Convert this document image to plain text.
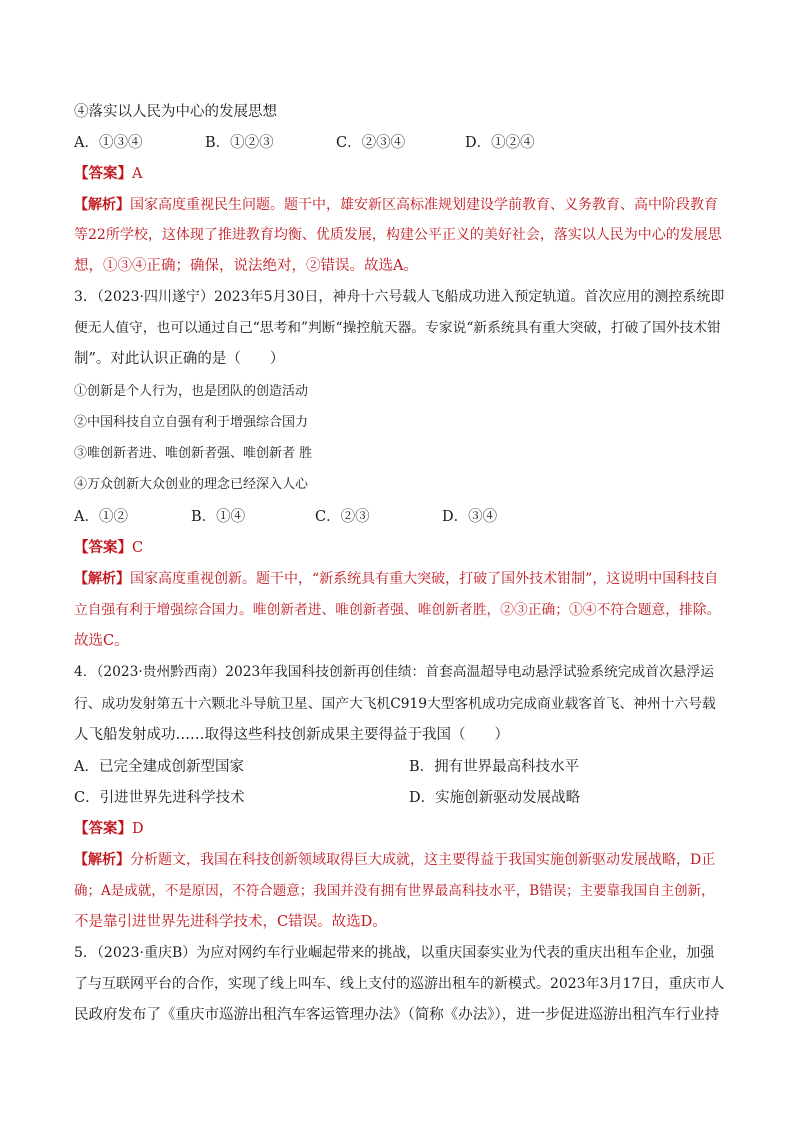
④落实以人民为中心的发展思想
A．①③④	B．①②③	C．②③④	D．①②④
【答案】A
【解析】国家高度重视民生问题。题干中，雄安新区高标准规划建设学前教育、义务教育、高中阶段教育
等22所学校，这体现了推进教育均衡、优质发展，构建公平正义的美好社会，落实以人民为中心的发展思
想，①③④正确；确保，说法绝对，②错误。故选A。
3．（2023·四川遂宁）2023年5月30日，神舟十六号载人飞船成功进入预定轨道。首次应用的测控系统即
便无人值守，也可以通过自己“思考和”判断“操控航天器。专家说“新系统具有重大突破，打破了国外技术钳
制”。对此认识正确的是（　　）
①创新是个人行为，也是团队的创造活动
②中国科技自立自强有利于增强综合国力
③唯创新者进、唯创新者强、唯创新者 胜
④万众创新大众创业的理念已经深入人心
A．①②	B．①④	C．②③	D．③④
【答案】C
【解析】国家高度重视创新。题干中，“新系统具有重大突破，打破了国外技术钳制”，这说明中国科技自
立自强有利于增强综合国力。唯创新者进、唯创新者强、唯创新者胜，②③正确；①④不符合题意，排除。
故选C。
4．（2023·贵州黔西南）2023年我国科技创新再创佳绩：首套高温超导电动悬浮试验系统完成首次悬浮运
行、成功发射第五十六颗北斗导航卫星、国产大飞机C919大型客机成功完成商业载客首飞、神州十六号载
人飞船发射成功……取得这些科技创新成果主要得益于我国（　　）
A．已完全建成创新型国家	B．拥有世界最高科技水平
C．引进世界先进科学技术	D．实施创新驱动发展战略
【答案】D
【解析】分析题文，我国在科技创新领域取得巨大成就，这主要得益于我国实施创新驱动发展战略，D正
确；A是成就，不是原因，不符合题意；我国并没有拥有世界最高科技水平，B错误；主要靠我国自主创新，
不是靠引进世界先进科学技术，C错误。故选D。
5．（2023·重庆B）为应对网约车行业崛起带来的挑战，以重庆国泰实业为代表的重庆出租车企业，加强
了与互联网平台的合作，实现了线上叫车、线上支付的巡游出租车的新模式。2023年3月17日，重庆市人
民政府发布了《重庆市巡游出租汽车客运管理办法》（简称《办法》），进一步促进巡游出租汽车行业持
